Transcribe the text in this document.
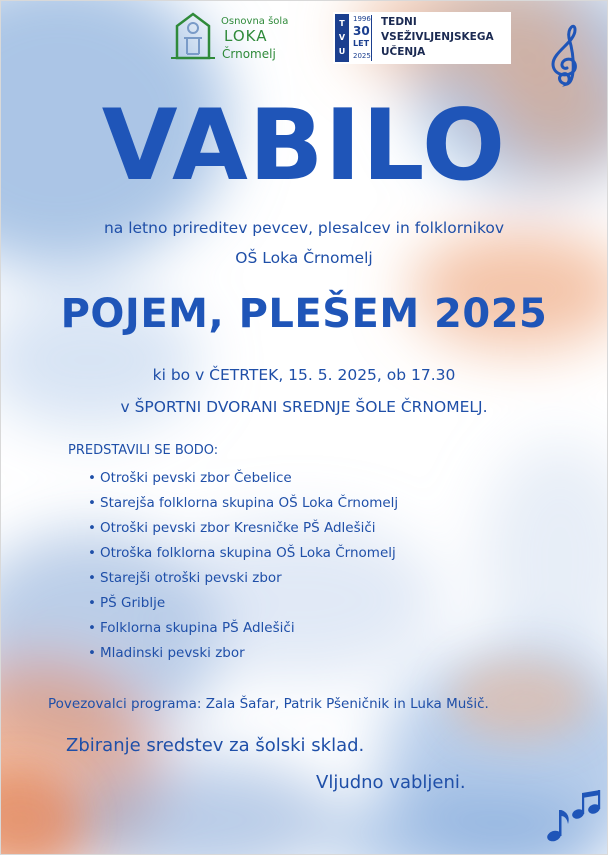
Osnovna šola
LOKA
Črnomelj
T
V
U
1996
30
LET
2025
TEDNI
VSEŽIVLJENJSKEGA
UČENJA
VABILO
na letno prireditev pevcev, plesalcev in folklornikov
OŠ Loka Črnomelj
POJEM, PLEŠEM 2025
ki bo v ČETRTEK, 15. 5. 2025, ob 17.30
v ŠPORTNI DVORANI SREDNJE ŠOLE ČRNOMELJ.
PREDSTAVILI SE BODO:
• Otroški pevski zbor Čebelice
• Starejša folklorna skupina OŠ Loka Črnomelj
• Otroški pevski zbor Kresničke PŠ Adlešiči
• Otroška folklorna skupina OŠ Loka Črnomelj
• Starejši otroški pevski zbor
• PŠ Griblje
• Folklorna skupina PŠ Adlešiči
• Mladinski pevski zbor
Povezovalci programa: Zala Šafar, Patrik Pšeničnik in Luka Mušič.
Zbiranje sredstev za šolski sklad.
Vljudno vabljeni.
